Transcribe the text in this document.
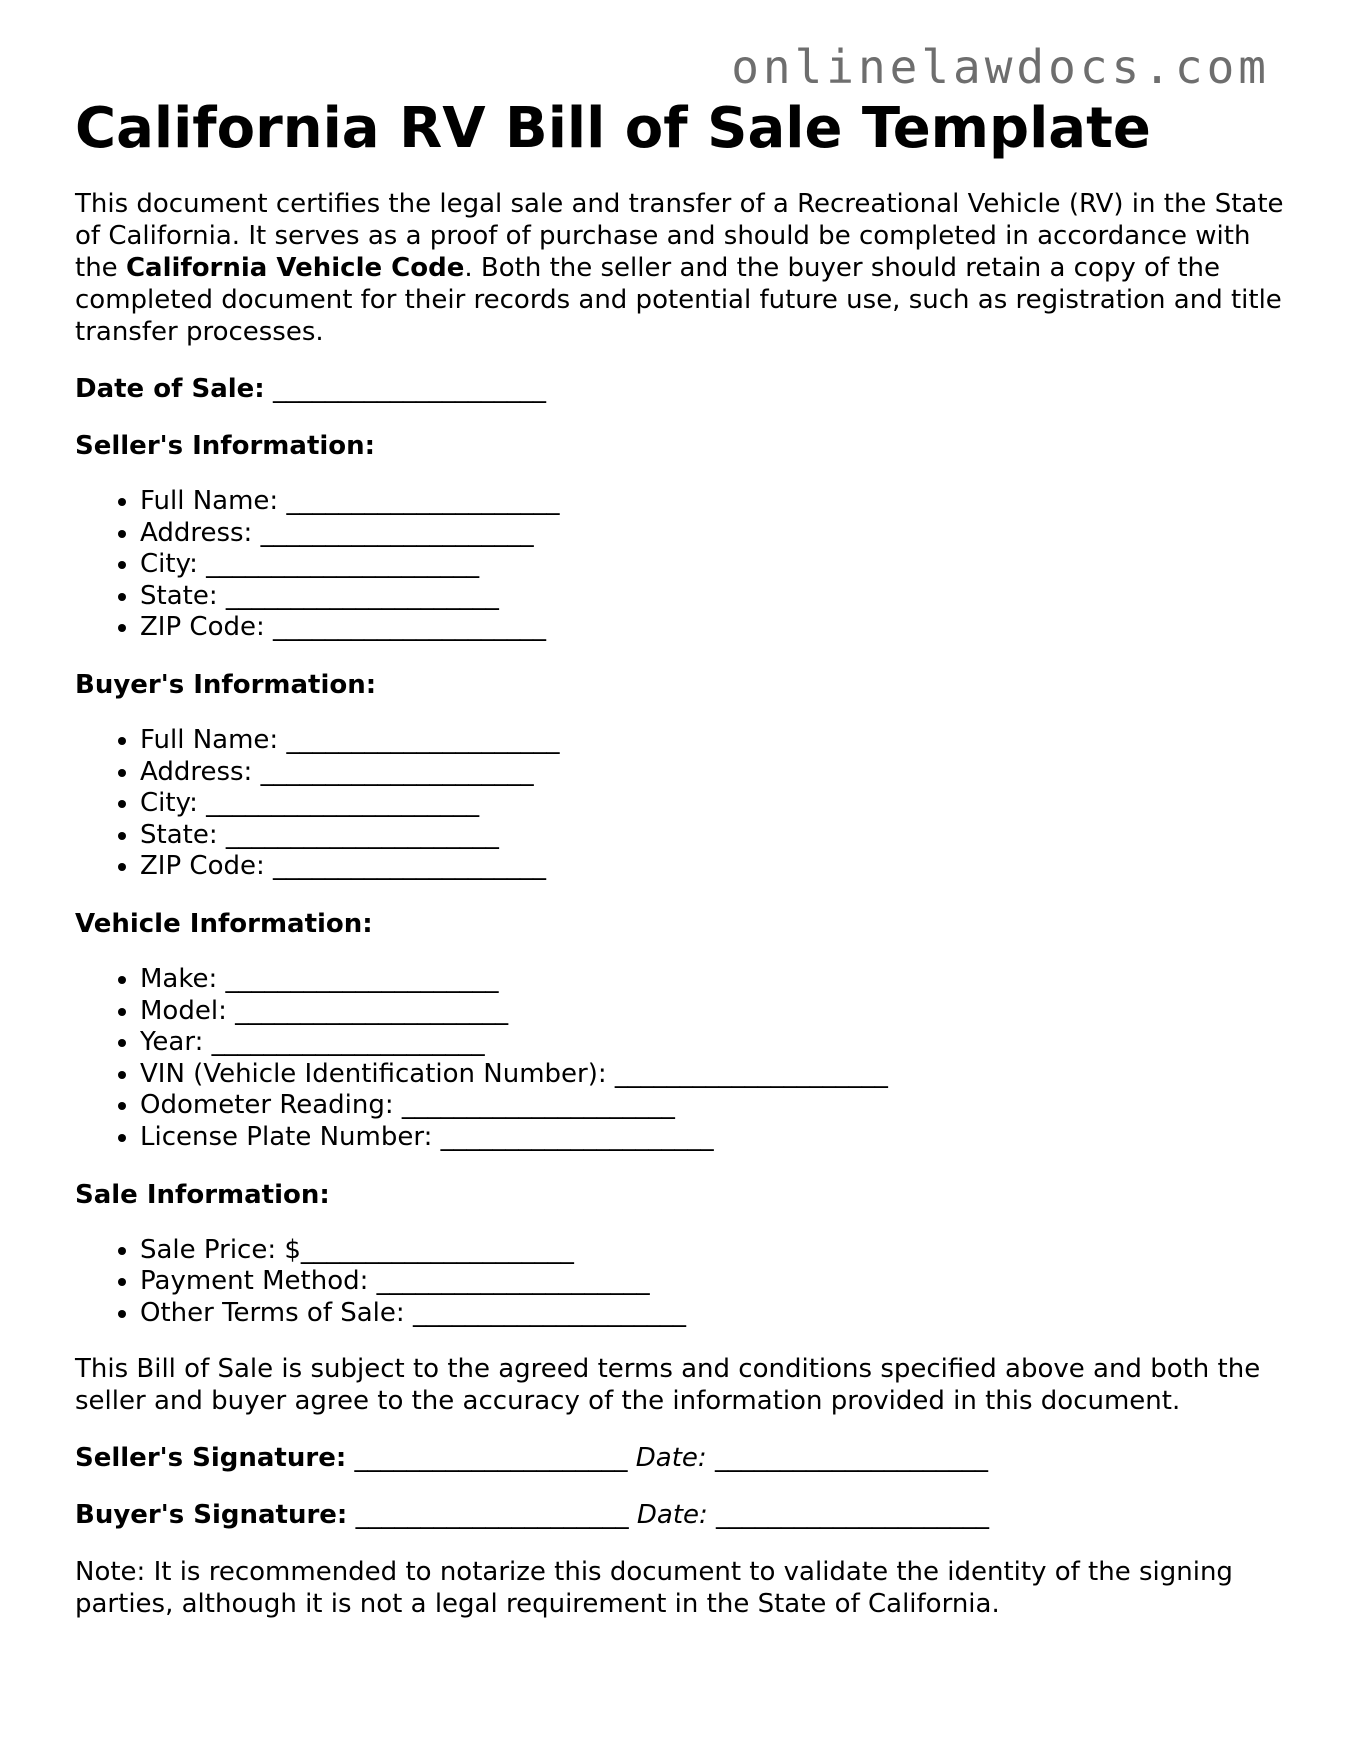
onlinelawdocs.com
California RV Bill of Sale Template

This document certifies the legal sale and transfer of a Recreational Vehicle (RV) in the State of California. It serves as a proof of purchase and should be completed in accordance with the California Vehicle Code. Both the seller and the buyer should retain a copy of the completed document for their records and potential future use, such as registration and title transfer processes.

Date of Sale: _____________________

Seller's Information:

• Full Name: _____________________
• Address: _____________________
• City: _____________________
• State: _____________________
• ZIP Code: _____________________

Buyer's Information:

• Full Name: _____________________
• Address: _____________________
• City: _____________________
• State: _____________________
• ZIP Code: _____________________

Vehicle Information:

• Make: _____________________
• Model: _____________________
• Year: _____________________
• VIN (Vehicle Identification Number): _____________________
• Odometer Reading: _____________________
• License Plate Number: _____________________

Sale Information:

• Sale Price: $_____________________
• Payment Method: _____________________
• Other Terms of Sale: _____________________

This Bill of Sale is subject to the agreed terms and conditions specified above and both the seller and buyer agree to the accuracy of the information provided in this document.

Seller's Signature: _____________________ Date: _____________________

Buyer's Signature: _____________________ Date: _____________________

Note: It is recommended to notarize this document to validate the identity of the signing parties, although it is not a legal requirement in the State of California.
